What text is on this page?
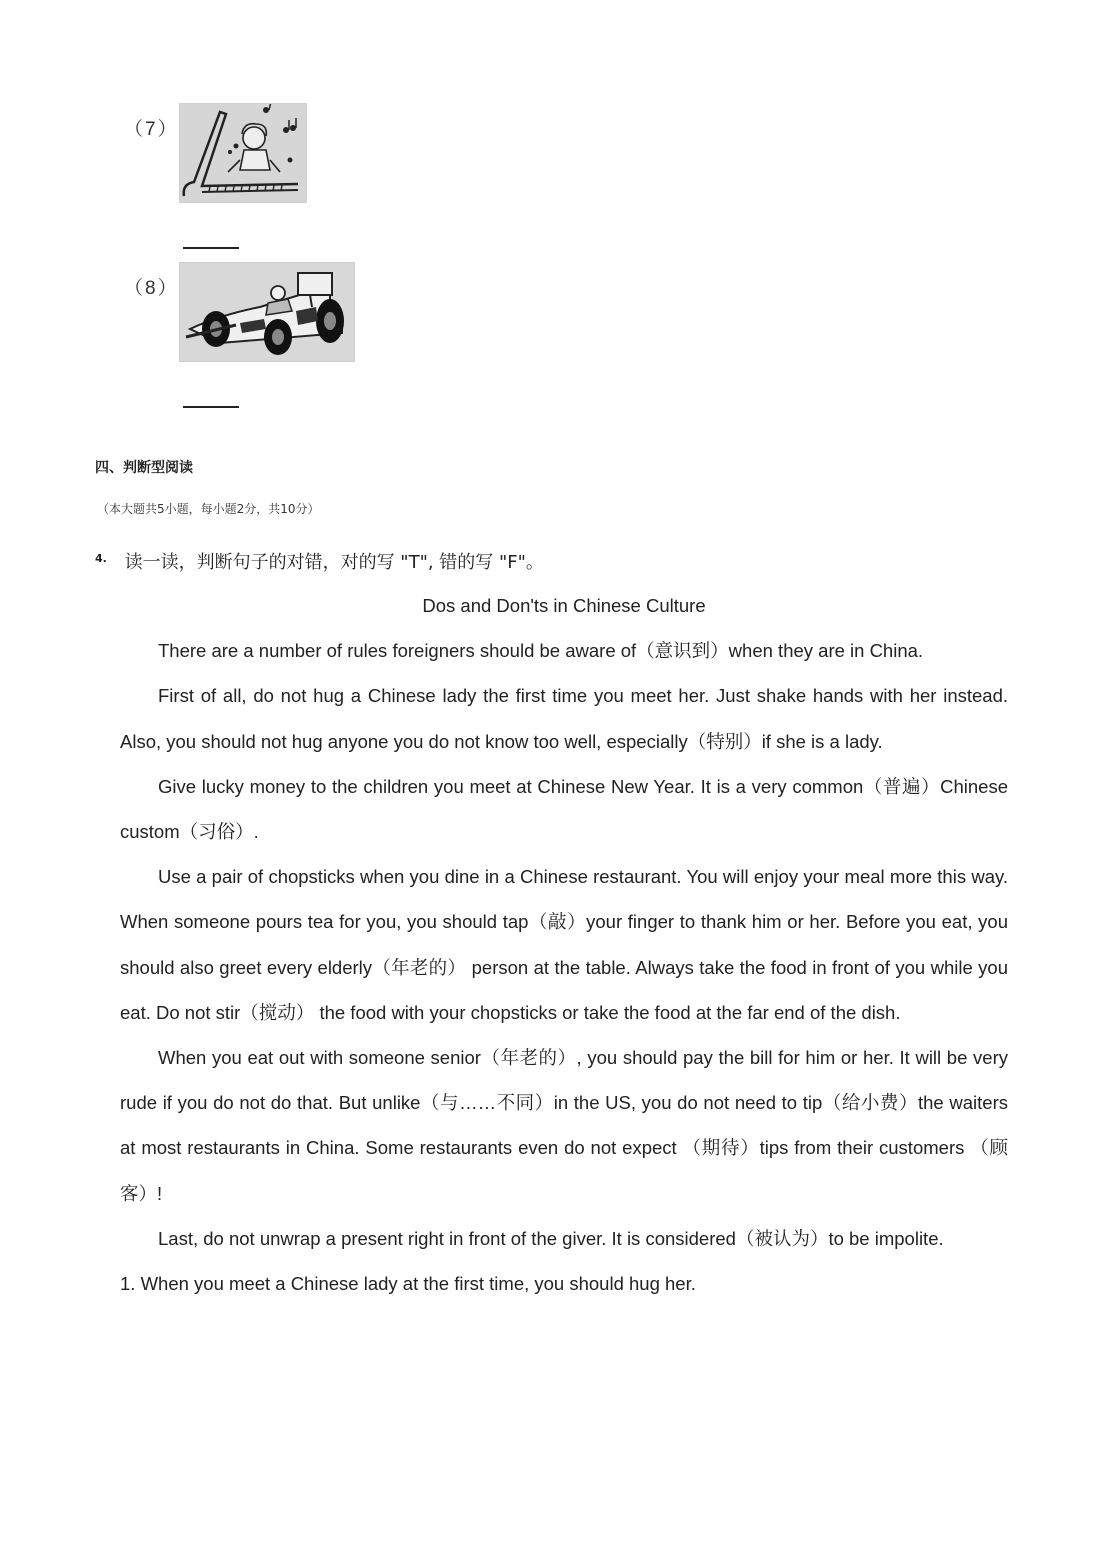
（7）
（8）
四、判断型阅读
（本大题共5小题，每小题2分，共10分）
$^{4.}$ 读一读，判断句子的对错，对的写 "T", 错的写 "F"。

Dos and Don'ts in Chinese Culture

There are a number of rules foreigners should be aware of（意识到）when they are in China.

First of all, do not hug a Chinese lady the first time you meet her. Just shake hands with her instead. Also, you should not hug anyone you do not know too well, especially（特别）if she is a lady.

Give lucky money to the children you meet at Chinese New Year. It is a very common（普遍）Chinese custom（习俗）.

Use a pair of chopsticks when you dine in a Chinese restaurant. You will enjoy your meal more this way. When someone pours tea for you, you should tap（敲）your finger to thank him or her. Before you eat, you should also greet every elderly（年老的） person at the table. Always take the food in front of you while you eat. Do not stir（搅动） the food with your chopsticks or take the food at the far end of the dish.

When you eat out with someone senior（年老的）, you should pay the bill for him or her. It will be very rude if you do not do that. But unlike（与……不同）in the US, you do not need to tip（给小费）the waiters at most restaurants in China. Some restaurants even do not expect （期待）tips from their customers （顾客）!

Last, do not unwrap a present right in front of the giver. It is considered（被认为）to be impolite.

1. When you meet a Chinese lady at the first time, you should hug her.
